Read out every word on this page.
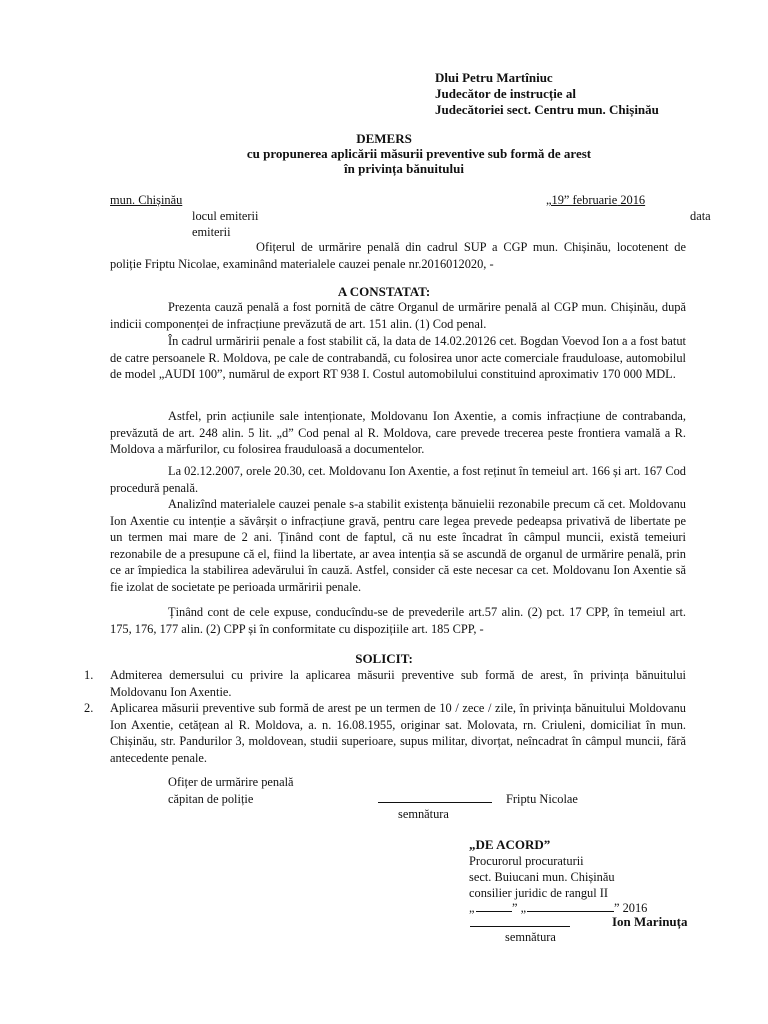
Dlui Petru Martîniuc
Judecător de instrucție al
Judecătoriei sect. Centru mun. Chișinău
DEMERS
cu propunerea aplicării măsurii preventive sub formă de arest
în privința bănuitului
mun. Chișinău	„19” februarie 2016
locul emiterii	data
emiterii
Ofițerul de urmărire penală din cadrul SUP a CGP mun. Chișinău, locotenent de poliție Friptu Nicolae, examinând materialele cauzei penale nr.2016012020, -
A CONSTATAT:
Prezenta cauză penală a fost pornită de către Organul de urmărire penală al CGP mun. Chișinău, după indicii componenței de infracțiune prevăzută de art. 151 alin. (1) Cod penal.
În cadrul urmăririi penale a fost stabilit că, la data de 14.02.20126 cet. Bogdan Voevod Ion a a fost batut de catre persoanele R. Moldova, pe cale de contrabandă, cu folosirea unor acte comerciale frauduloase, automobilul de model „AUDI 100”, numărul de export RT 938 I. Costul automobilului constituind aproximativ 170 000 MDL.
Astfel, prin acțiunile sale intenționate, Moldovanu Ion Axentie, a comis infracțiune de contrabanda, prevăzută de art. 248 alin. 5 lit. „d” Cod penal al R. Moldova, care prevede trecerea peste frontiera vamală a R. Moldova a mărfurilor, cu folosirea frauduloasă a documentelor.
La 02.12.2007, orele 20.30, cet. Moldovanu Ion Axentie, a fost reținut în temeiul art. 166 și art. 167 Cod procedură penală.
Analizînd materialele cauzei penale s-a stabilit existența bănuielii rezonabile precum că cet. Moldovanu Ion Axentie cu intenție a săvârșit o infracțiune gravă, pentru care legea prevede pedeapsa privativă de libertate pe un termen mai mare de 2 ani. Ținând cont de faptul, că nu este încadrat în câmpul muncii, există temeiuri rezonabile de a presupune că el, fiind la libertate, ar avea intenția să se ascundă de organul de urmărire penală, prin ce ar împiedica la stabilirea adevărului în cauză. Astfel, consider că este necesar ca cet. Moldovanu Ion Axentie să fie izolat de societate pe perioada urmăririi penale.
Ținând cont de cele expuse, conducîndu-se de prevederile art.57 alin. (2) pct. 17 CPP, în temeiul art. 175, 176, 177 alin. (2) CPP și în conformitate cu dispozițiile art. 185 CPP, -
SOLICIT:
1. Admiterea demersului cu privire la aplicarea măsurii preventive sub formă de arest, în privința bănuitului Moldovanu Ion Axentie.
2. Aplicarea măsurii preventive sub formă de arest pe un termen de 10 / zece / zile, în privința bănuitului Moldovanu Ion Axentie, cetățean al R. Moldova, a. n. 16.08.1955, originar sat. Molovata, rn. Criuleni, domiciliat în mun. Chișinău, str. Pandurilor 3, moldovean, studii superioare, supus militar, divorțat, neîncadrat în câmpul muncii, fără antecedente penale.
Ofițer de urmărire penală
căpitan de poliție	Friptu Nicolae
semnătura
„DE ACORD”
Procurorul procuraturii
sect. Buiucani mun. Chișinău
consilier juridic de rangul II
„	” „	” 2016
Ion Marinuța
semnătura
